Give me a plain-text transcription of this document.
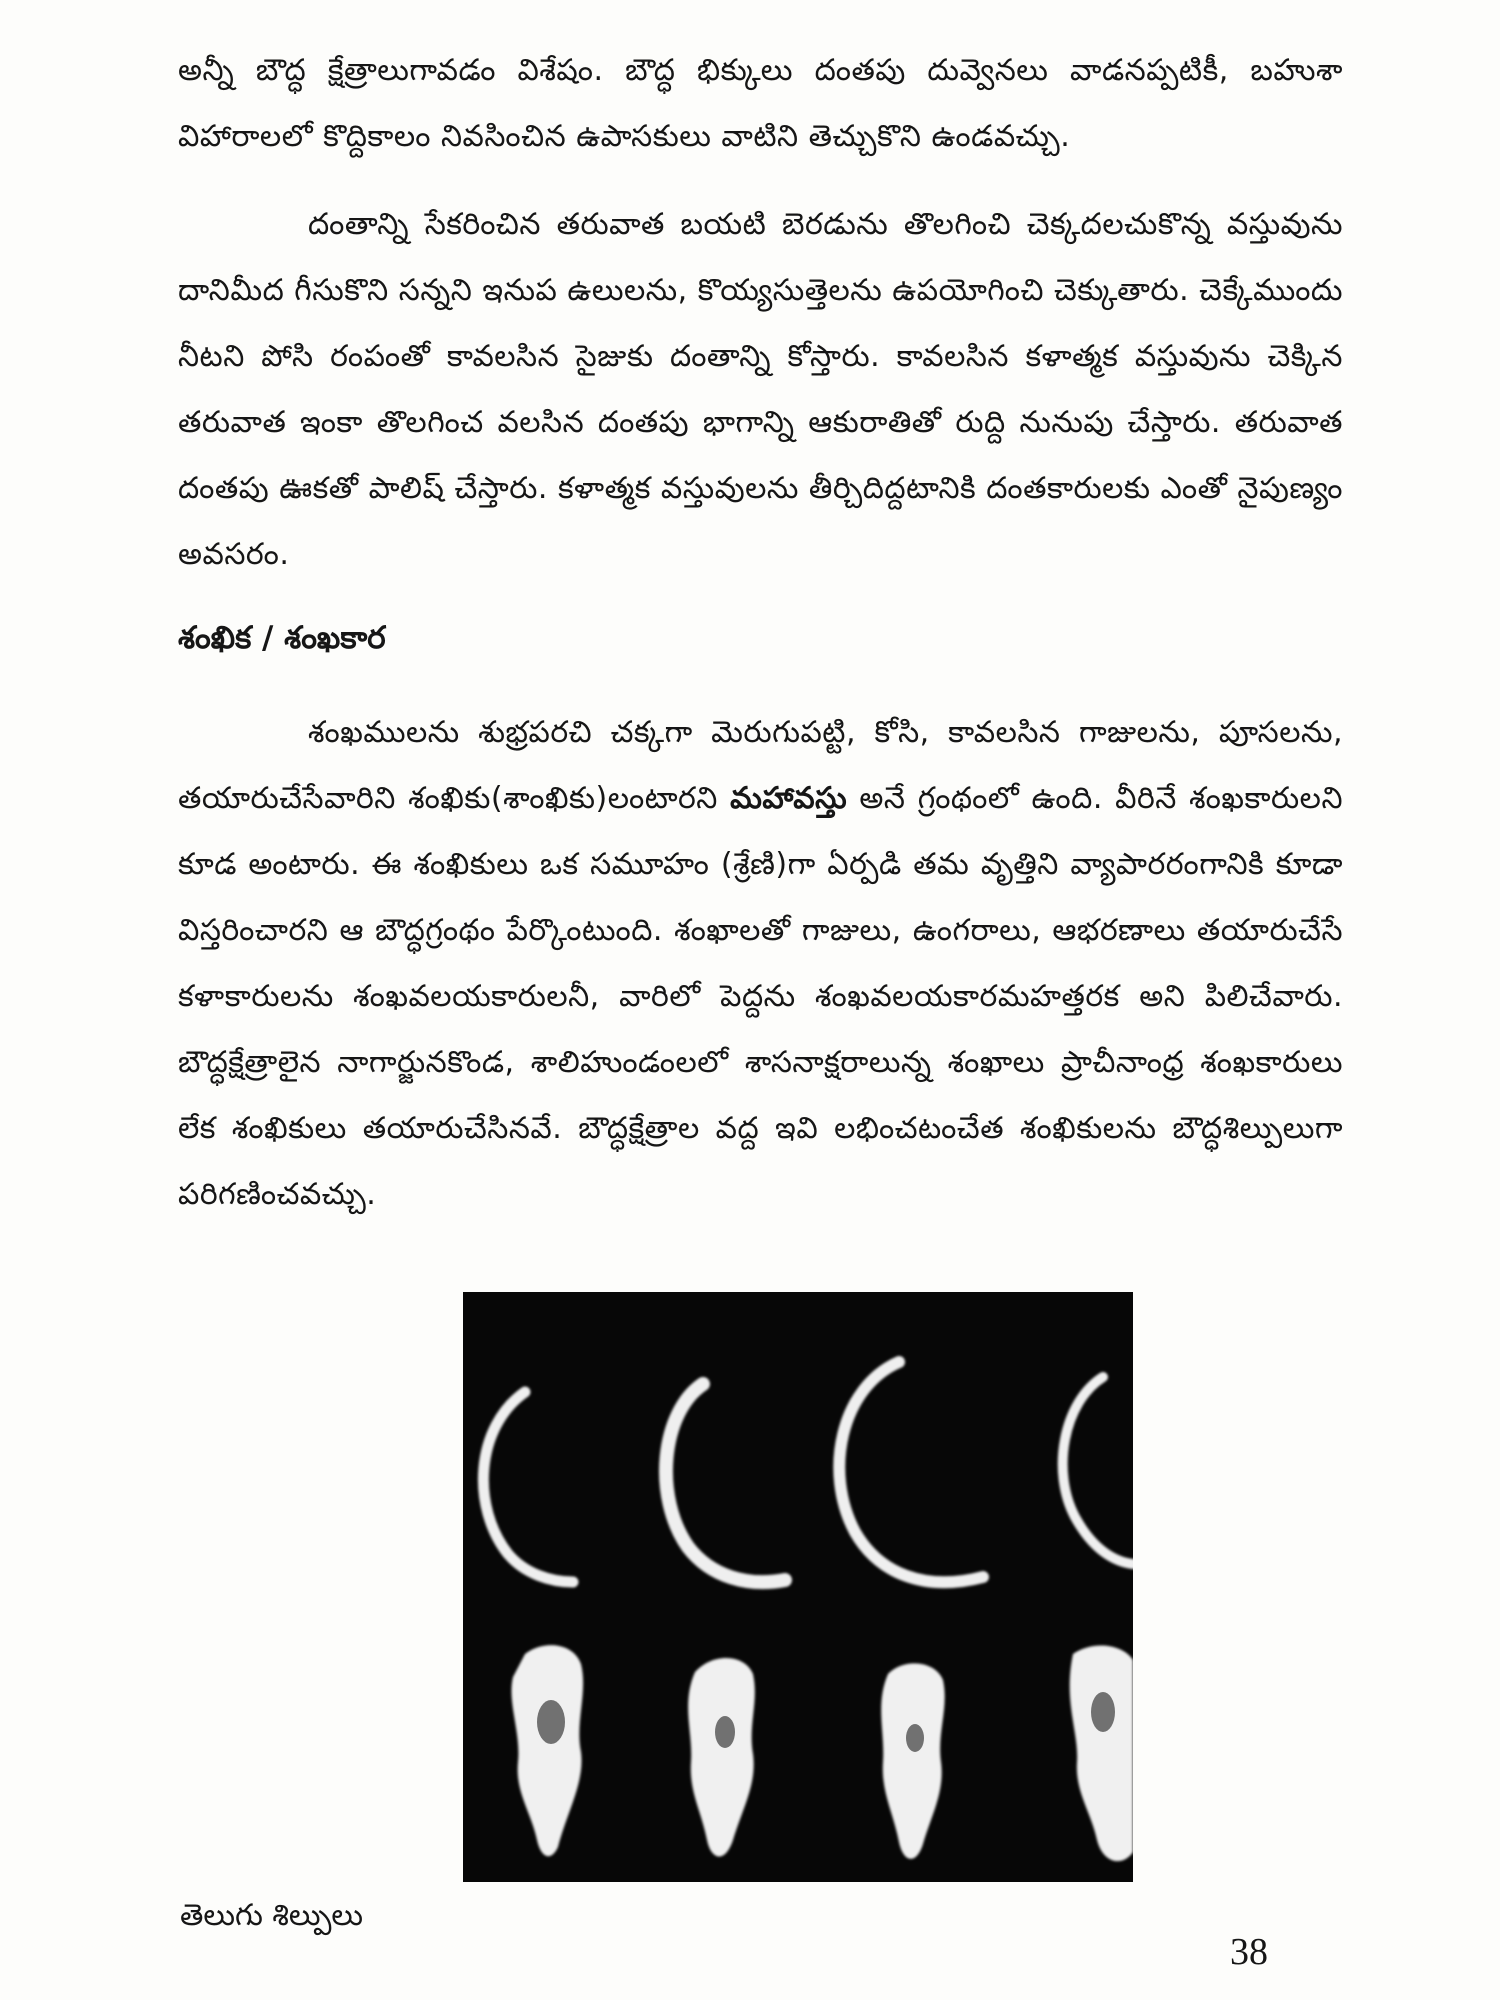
అన్నీ బౌద్ధ క్షేత్రాలుగావడం విశేషం. బౌద్ధ భిక్కులు దంతపు దువ్వెనలు వాడనప్పటికీ, బహుశా విహారాలలో కొద్దికాలం నివసించిన ఉపాసకులు వాటిని తెచ్చుకొని ఉండవచ్చు.

దంతాన్ని సేకరించిన తరువాత బయటి బెరడును తొలగించి చెక్కదలచుకొన్న వస్తువును దానిమీద గీసుకొని సన్నని ఇనుప ఉలులను, కొయ్యసుత్తెలను ఉపయోగించి చెక్కుతారు. చెక్కేముందు నీటని పోసి రంపంతో కావలసిన సైజుకు దంతాన్ని కోస్తారు. కావలసిన కళాత్మక వస్తువును చెక్కిన తరువాత ఇంకా తొలగించ వలసిన దంతపు భాగాన్ని ఆకురాతితో రుద్ది నునుపు చేస్తారు. తరువాత దంతపు ఊకతో పాలిష్ చేస్తారు. కళాత్మక వస్తువులను తీర్చిదిద్దటానికి దంతకారులకు ఎంతో నైపుణ్యం అవసరం.

శంఖిక / శంఖకార

శంఖములను శుభ్రపరచి చక్కగా మెరుగుపట్టి, కోసి, కావలసిన గాజులను, పూసలను, తయారుచేసేవారిని శంఖికు(శాంఖికు)లంటారని మహావస్తు అనే గ్రంథంలో ఉంది. వీరినే శంఖకారులని కూడ అంటారు. ఈ శంఖికులు ఒక సమూహం (శ్రేణి)గా ఏర్పడి తమ వృత్తిని వ్యాపారరంగానికి కూడా విస్తరించారని ఆ బౌద్ధగ్రంథం పేర్కొంటుంది. శంఖాలతో గాజులు, ఉంగరాలు, ఆభరణాలు తయారుచేసే కళాకారులను శంఖవలయకారులనీ, వారిలో పెద్దను శంఖవలయకారమహత్తరక అని పిలిచేవారు. బౌద్ధక్షేత్రాలైన నాగార్జునకొండ, శాలిహుండంలలో శాసనాక్షరాలున్న శంఖాలు ప్రాచీనాంధ్ర శంఖకారులు లేక శంఖికులు తయారుచేసినవే. బౌద్ధక్షేత్రాల వద్ద ఇవి లభించటంచేత శంఖికులను బౌద్ధశిల్పులుగా పరిగణించవచ్చు.

తెలుగు శిల్పులు

38
